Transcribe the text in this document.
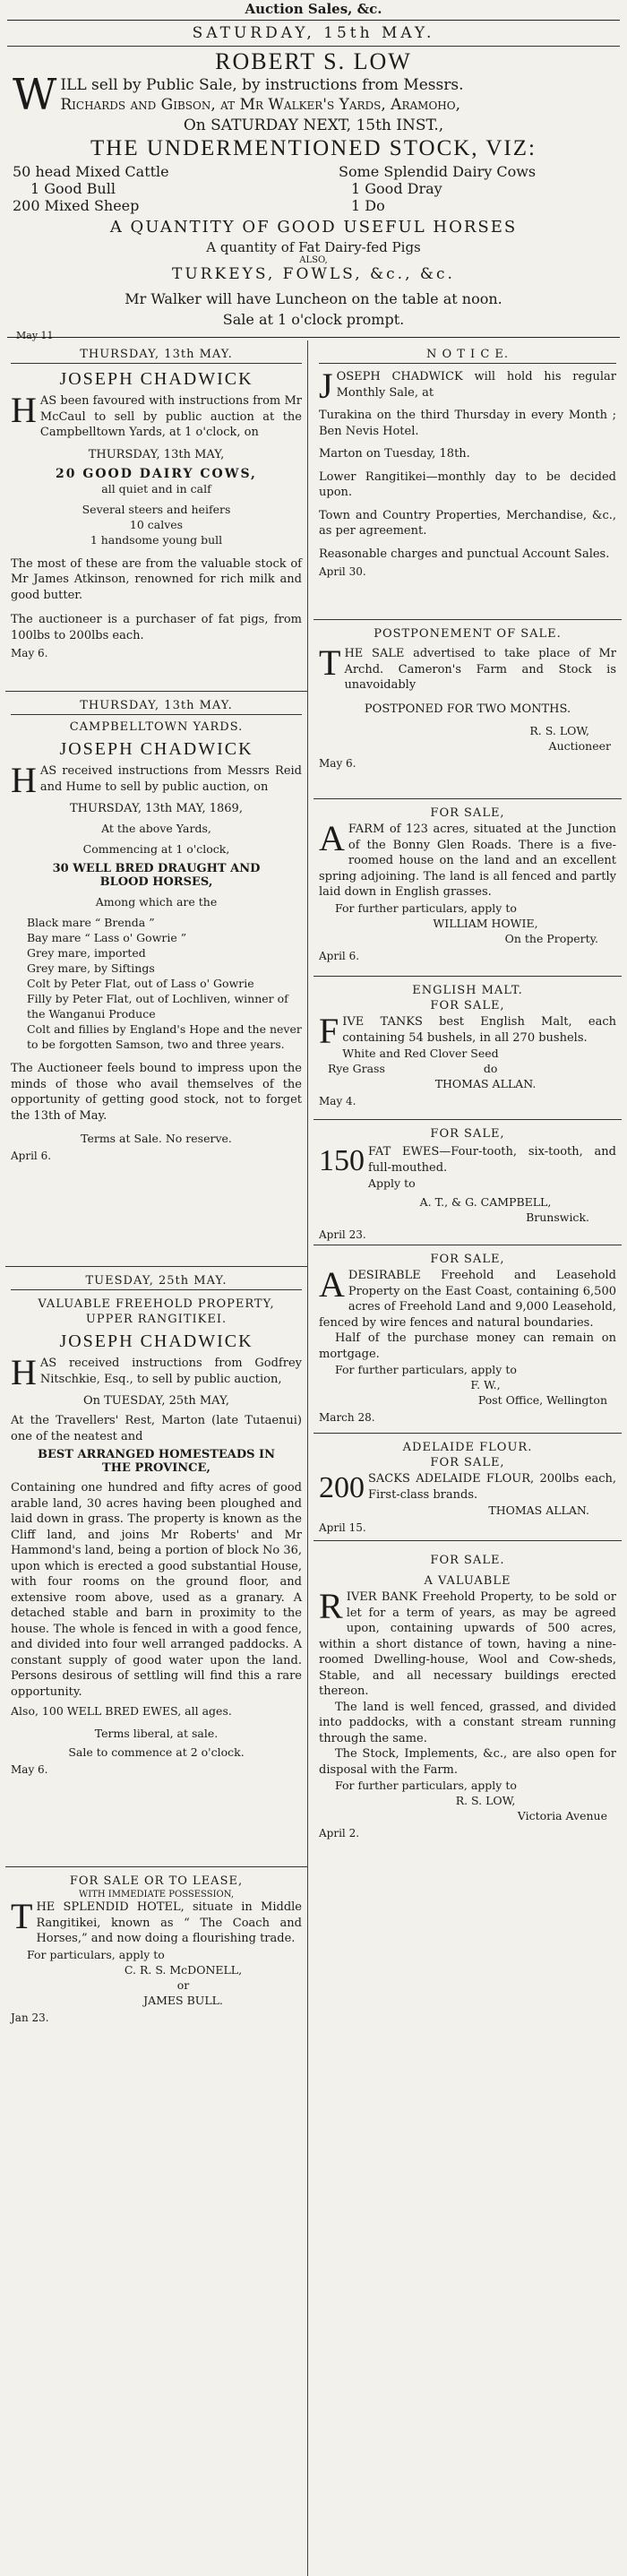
Auction Sales, &c.
SATURDAY, 15th MAY.
ROBERT S. LOW
W ILL sell by Public Sale, by instructions from Messrs.
Richards and Gibson, at Mr Walker's Yards, Aramoho,
On SATURDAY NEXT, 15th INST.,
THE UNDERMENTIONED STOCK, VIZ:
50 head Mixed Cattle
1 Good Bull
200 Mixed Sheep
Some Splendid Dairy Cows
1 Good Dray
1 Do
A QUANTITY OF GOOD USEFUL HORSES
A quantity of Fat Dairy-fed Pigs
ALSO,
TURKEYS, FOWLS, &c., &c.
Mr Walker will have Luncheon on the table at noon.
Sale at 1 o'clock prompt.
May 11
THURSDAY, 13th MAY.
JOSEPH CHADWICK

HAS been favoured with instructions from Mr McCaul to sell by public auction at the Campbelltown Yards, at 1 o'clock, on

THURSDAY, 13th MAY,
20 GOOD DAIRY COWS,
all quiet and in calf
Several steers and heifers
10 calves
1 handsome young bull

The most of these are from the valuable stock of Mr James Atkinson, renowned for rich milk and good butter.

The auctioneer is a purchaser of fat pigs, from 100lbs to 200lbs each.

May 6.
THURSDAY, 13th MAY.
CAMPBELLTOWN YARDS.
JOSEPH CHADWICK

HAS received instructions from Messrs Reid and Hume to sell by public auction, on

THURSDAY, 13th MAY, 1869,
At the above Yards,
Commencing at 1 o'clock,
30 WELL BRED DRAUGHT AND
BLOOD HORSES,
Among which are the
Black mare “ Brenda ”
Bay mare “ Lass o' Gowrie ”
Grey mare, imported
Grey mare, by Siftings
Colt by Peter Flat, out of Lass o' Gowrie
Filly by Peter Flat, out of Lochliven, winner of the Wanganui Produce
Colt and fillies by England's Hope and the never to be forgotten Samson, two and three years.

The Auctioneer feels bound to impress upon the minds of those who avail themselves of the opportunity of getting good stock, not to forget the 13th of May.

Terms at Sale. No reserve.
April 6.
TUESDAY, 25th MAY.
VALUABLE FREEHOLD PROPERTY,
UPPER RANGITIKEI.
JOSEPH CHADWICK

HAS received instructions from Godfrey Nitschkie, Esq., to sell by public auction,

On TUESDAY, 25th MAY,

At the Travellers' Rest, Marton (late Tutaenui) one of the neatest and

BEST ARRANGED HOMESTEADS IN
THE PROVINCE,

Containing one hundred and fifty acres of good arable land, 30 acres having been ploughed and laid down in grass. The property is known as the Cliff land, and joins Mr Roberts' and Mr Hammond's land, being a portion of block No 36, upon which is erected a good substantial House, with four rooms on the ground floor, and extensive room above, used as a granary. A detached stable and barn in proximity to the house. The whole is fenced in with a good fence, and divided into four well arranged paddocks. A constant supply of good water upon the land. Persons desirous of settling will find this a rare opportunity.

Also, 100 WELL BRED EWES, all ages.
Terms liberal, at sale.
Sale to commence at 2 o'clock.
May 6.
FOR SALE OR TO LEASE,
WITH IMMEDIATE POSSESSION,

THE SPLENDID HOTEL, situate in Middle Rangitikei, known as “ The Coach and Horses,” and now doing a flourishing trade.

For particulars, apply to
C. R. S. McDONELL,
or
JAMES BULL.
Jan 23.
N O T I C E.

JOSEPH CHADWICK will hold his regular Monthly Sale, at

Turakina on the third Thursday in every Month ; Ben Nevis Hotel.

Marton on Tuesday, 18th.

Lower Rangitikei—monthly day to be decided upon.

Town and Country Properties, Merchandise, &c., as per agreement.

Reasonable charges and punctual Account Sales.

April 30.
POSTPONEMENT OF SALE.

THE SALE advertised to take place of Mr Archd. Cameron's Farm and Stock is unavoidably

POSTPONED FOR TWO MONTHS.
R. S. LOW,
Auctioneer
May 6.
FOR SALE,

AFARM of 123 acres, situated at the Junction of the Bonny Glen Roads. There is a five-roomed house on the land and an excellent spring adjoining. The land is all fenced and partly laid down in English grasses.

For further particulars, apply to
WILLIAM HOWIE,
On the Property.
April 6.
ENGLISH MALT.
FOR SALE,

FIVE TANKS best English Malt, each containing 54 bushels, in all 270 bushels.

White and Red Clover Seed
Rye Grass	do
THOMAS ALLAN.
May 4.
FOR SALE,

150 FAT EWES—Four-tooth, six-tooth, and full-mouthed.

Apply to
A. T., & G. CAMPBELL,
Brunswick.
April 23.
FOR SALE,

ADESIRABLE Freehold and Leasehold Property on the East Coast, containing 6,500 acres of Freehold Land and 9,000 Leasehold, fenced by wire fences and natural boundaries.

Half of the purchase money can remain on mortgage.

For further particulars, apply to
F. W.,
Post Office, Wellington
March 28.
ADELAIDE FLOUR.
FOR SALE,

200 SACKS ADELAIDE FLOUR, 200lbs each, First-class brands.

THOMAS ALLAN.
April 15.
FOR SALE.
A VALUABLE

RIVER BANK Freehold Property, to be sold or let for a term of years, as may be agreed upon, containing upwards of 500 acres, within a short distance of town, having a nine-roomed Dwelling-house, Wool and Cow-sheds, Stable, and all necessary buildings erected thereon.

The land is well fenced, grassed, and divided into paddocks, with a constant stream running through the same.

The Stock, Implements, &c., are also open for disposal with the Farm.

For further particulars, apply to
R. S. LOW,
Victoria Avenue
April 2.
